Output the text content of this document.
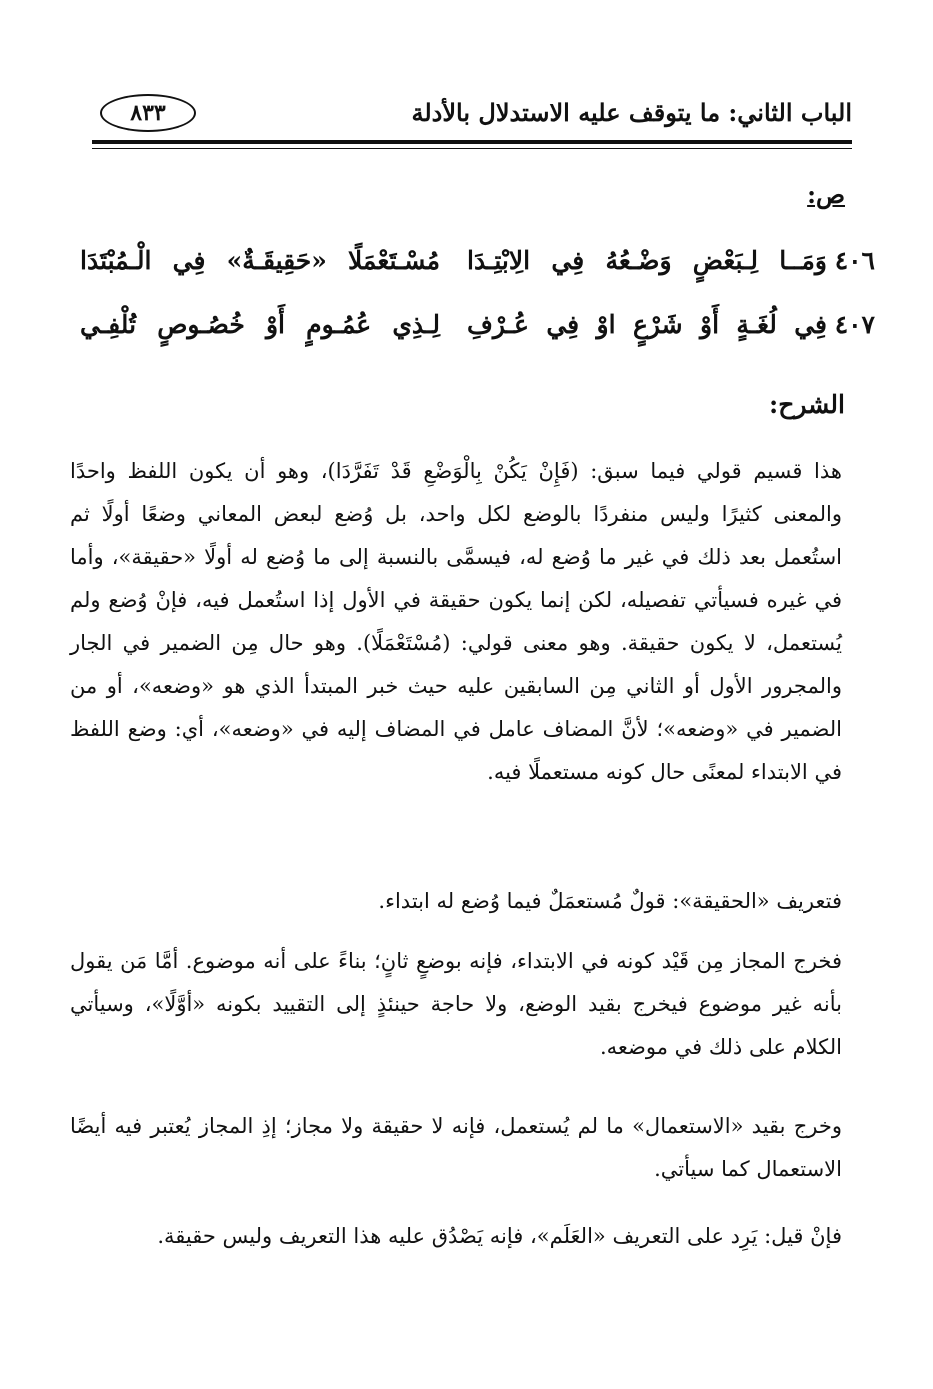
الباب الثاني: ما يتوقف عليه الاستدلال بالأدلة
٨٣٣
ص:
٤٠٦
وَمَــا لِـبَعْضٍ وَضْـعُهُ فِي الِابْتِـدَا
مُسْـتَعْمَلًا «حَقِيقَـةٌ» فِي الْـمُبْتَدَا
٤٠٧
فِي لُغَـةٍ أَوْ شَرْعٍ اوْ فِي عُـرْفِ
لِـذِي عُمُـومٍ أَوْ خُصُـوصٍ تُلْفِـي
الشرح:

هذا قسيم قولي فيما سبق: (فَإِنْ يَكُنْ بِالْوَضْعِ قَدْ تَفَرَّدَا)، وهو أن يكون اللفظ واحدًا والمعنى كثيرًا وليس منفردًا بالوضع لكل واحد، بل وُضع لبعض المعاني وضعًا أولًا ثم استُعمل بعد ذلك في غير ما وُضع له، فيسمَّى بالنسبة إلى ما وُضع له أولًا «حقيقة»، وأما في غيره فسيأتي تفصيله، لكن إنما يكون حقيقة في الأول إذا استُعمل فيه، فإنْ وُضع ولم يُستعمل، لا يكون حقيقة. وهو معنى قولي: (مُسْتَعْمَلًا). وهو حال مِن الضمير في الجار والمجرور الأول أو الثاني مِن السابقين عليه حيث خبر المبتدأ الذي هو «وضعه»، أو من الضمير في «وضعه»؛ لأنَّ المضاف عامل في المضاف إليه في «وضعه»، أي: وضع اللفظ في الابتداء لمعنًى حال كونه مستعملًا فيه.

فتعريف «الحقيقة»: قولٌ مُستعمَلٌ فيما وُضع له ابتداء.

فخرج المجاز مِن قَيْد كونه في الابتداء، فإنه بوضعٍ ثانٍ؛ بناءً على أنه موضوع. أمَّا مَن يقول بأنه غير موضوع فيخرج بقيد الوضع، ولا حاجة حينئذٍ إلى التقييد بكونه «أوَّلًا»، وسيأتي الكلام على ذلك في موضعه.

وخرج بقيد «الاستعمال» ما لم يُستعمل، فإنه لا حقيقة ولا مجاز؛ إذِ المجاز يُعتبر فيه أيضًا الاستعمال كما سيأتي.

فإنْ قيل: يَرِد على التعريف «العَلَم»، فإنه يَصْدُق عليه هذا التعريف وليس حقيقة.
